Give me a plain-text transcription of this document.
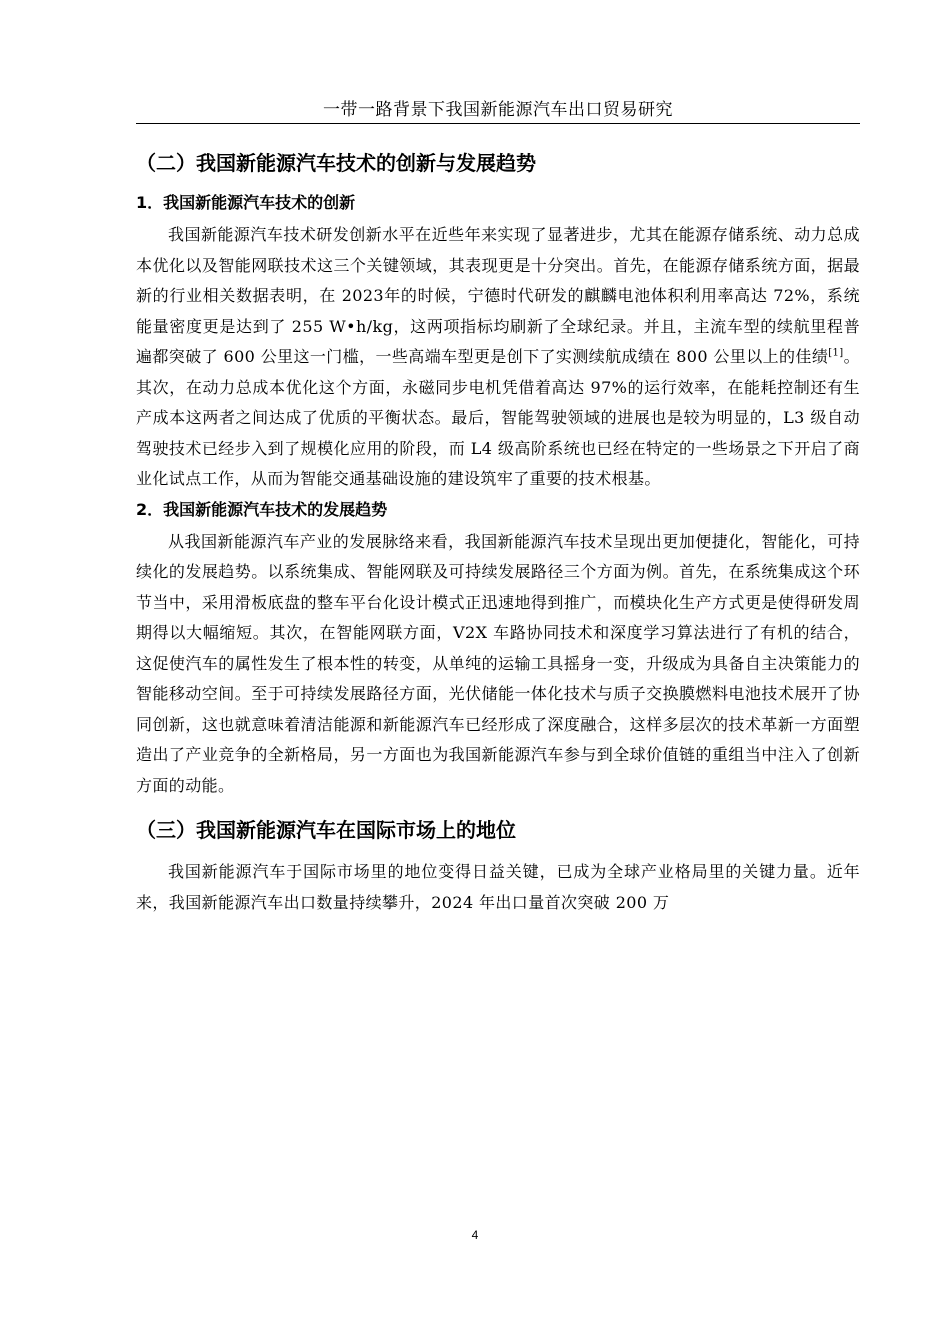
一带一路背景下我国新能源汽车出口贸易研究
（二）我国新能源汽车技术的创新与发展趋势
1．我国新能源汽车技术的创新

我国新能源汽车技术研发创新水平在近些年来实现了显著进步，尤其在能源存储系统、动力总成本优化以及智能网联技术这三个关键领域，其表现更是十分突出。首先，在能源存储系统方面，据最新的行业相关数据表明，在 2023年的时候，宁德时代研发的麒麟电池体积利用率高达 72%，系统能量密度更是达到了 255 W•h/kg，这两项指标均刷新了全球纪录。并且，主流车型的续航里程普遍都突破了 600 公里这一门槛，一些高端车型更是创下了实测续航成绩在 800 公里以上的佳绩[1]。其次，在动力总成本优化这个方面，永磁同步电机凭借着高达 97%的运行效率，在能耗控制还有生产成本这两者之间达成了优质的平衡状态。最后，智能驾驶领域的进展也是较为明显的，L3 级自动驾驶技术已经步入到了规模化应用的阶段，而 L4 级高阶系统也已经在特定的一些场景之下开启了商业化试点工作，从而为智能交通基础设施的建设筑牢了重要的技术根基。

2．我国新能源汽车技术的发展趋势

从我国新能源汽车产业的发展脉络来看，我国新能源汽车技术呈现出更加便捷化，智能化，可持续化的发展趋势。以系统集成、智能网联及可持续发展路径三个方面为例。首先，在系统集成这个环节当中，采用滑板底盘的整车平台化设计模式正迅速地得到推广，而模块化生产方式更是使得研发周期得以大幅缩短。其次，在智能网联方面，V2X 车路协同技术和深度学习算法进行了有机的结合，这促使汽车的属性发生了根本性的转变，从单纯的运输工具摇身一变，升级成为具备自主决策能力的智能移动空间。至于可持续发展路径方面，光伏储能一体化技术与质子交换膜燃料电池技术展开了协同创新，这也就意味着清洁能源和新能源汽车已经形成了深度融合，这样多层次的技术革新一方面塑造出了产业竞争的全新格局，另一方面也为我国新能源汽车参与到全球价值链的重组当中注入了创新方面的动能。

（三）我国新能源汽车在国际市场上的地位

我国新能源汽车于国际市场里的地位变得日益关键，已成为全球产业格局里的关键力量。近年来，我国新能源汽车出口数量持续攀升，2024 年出口量首次突破 200 万

4
